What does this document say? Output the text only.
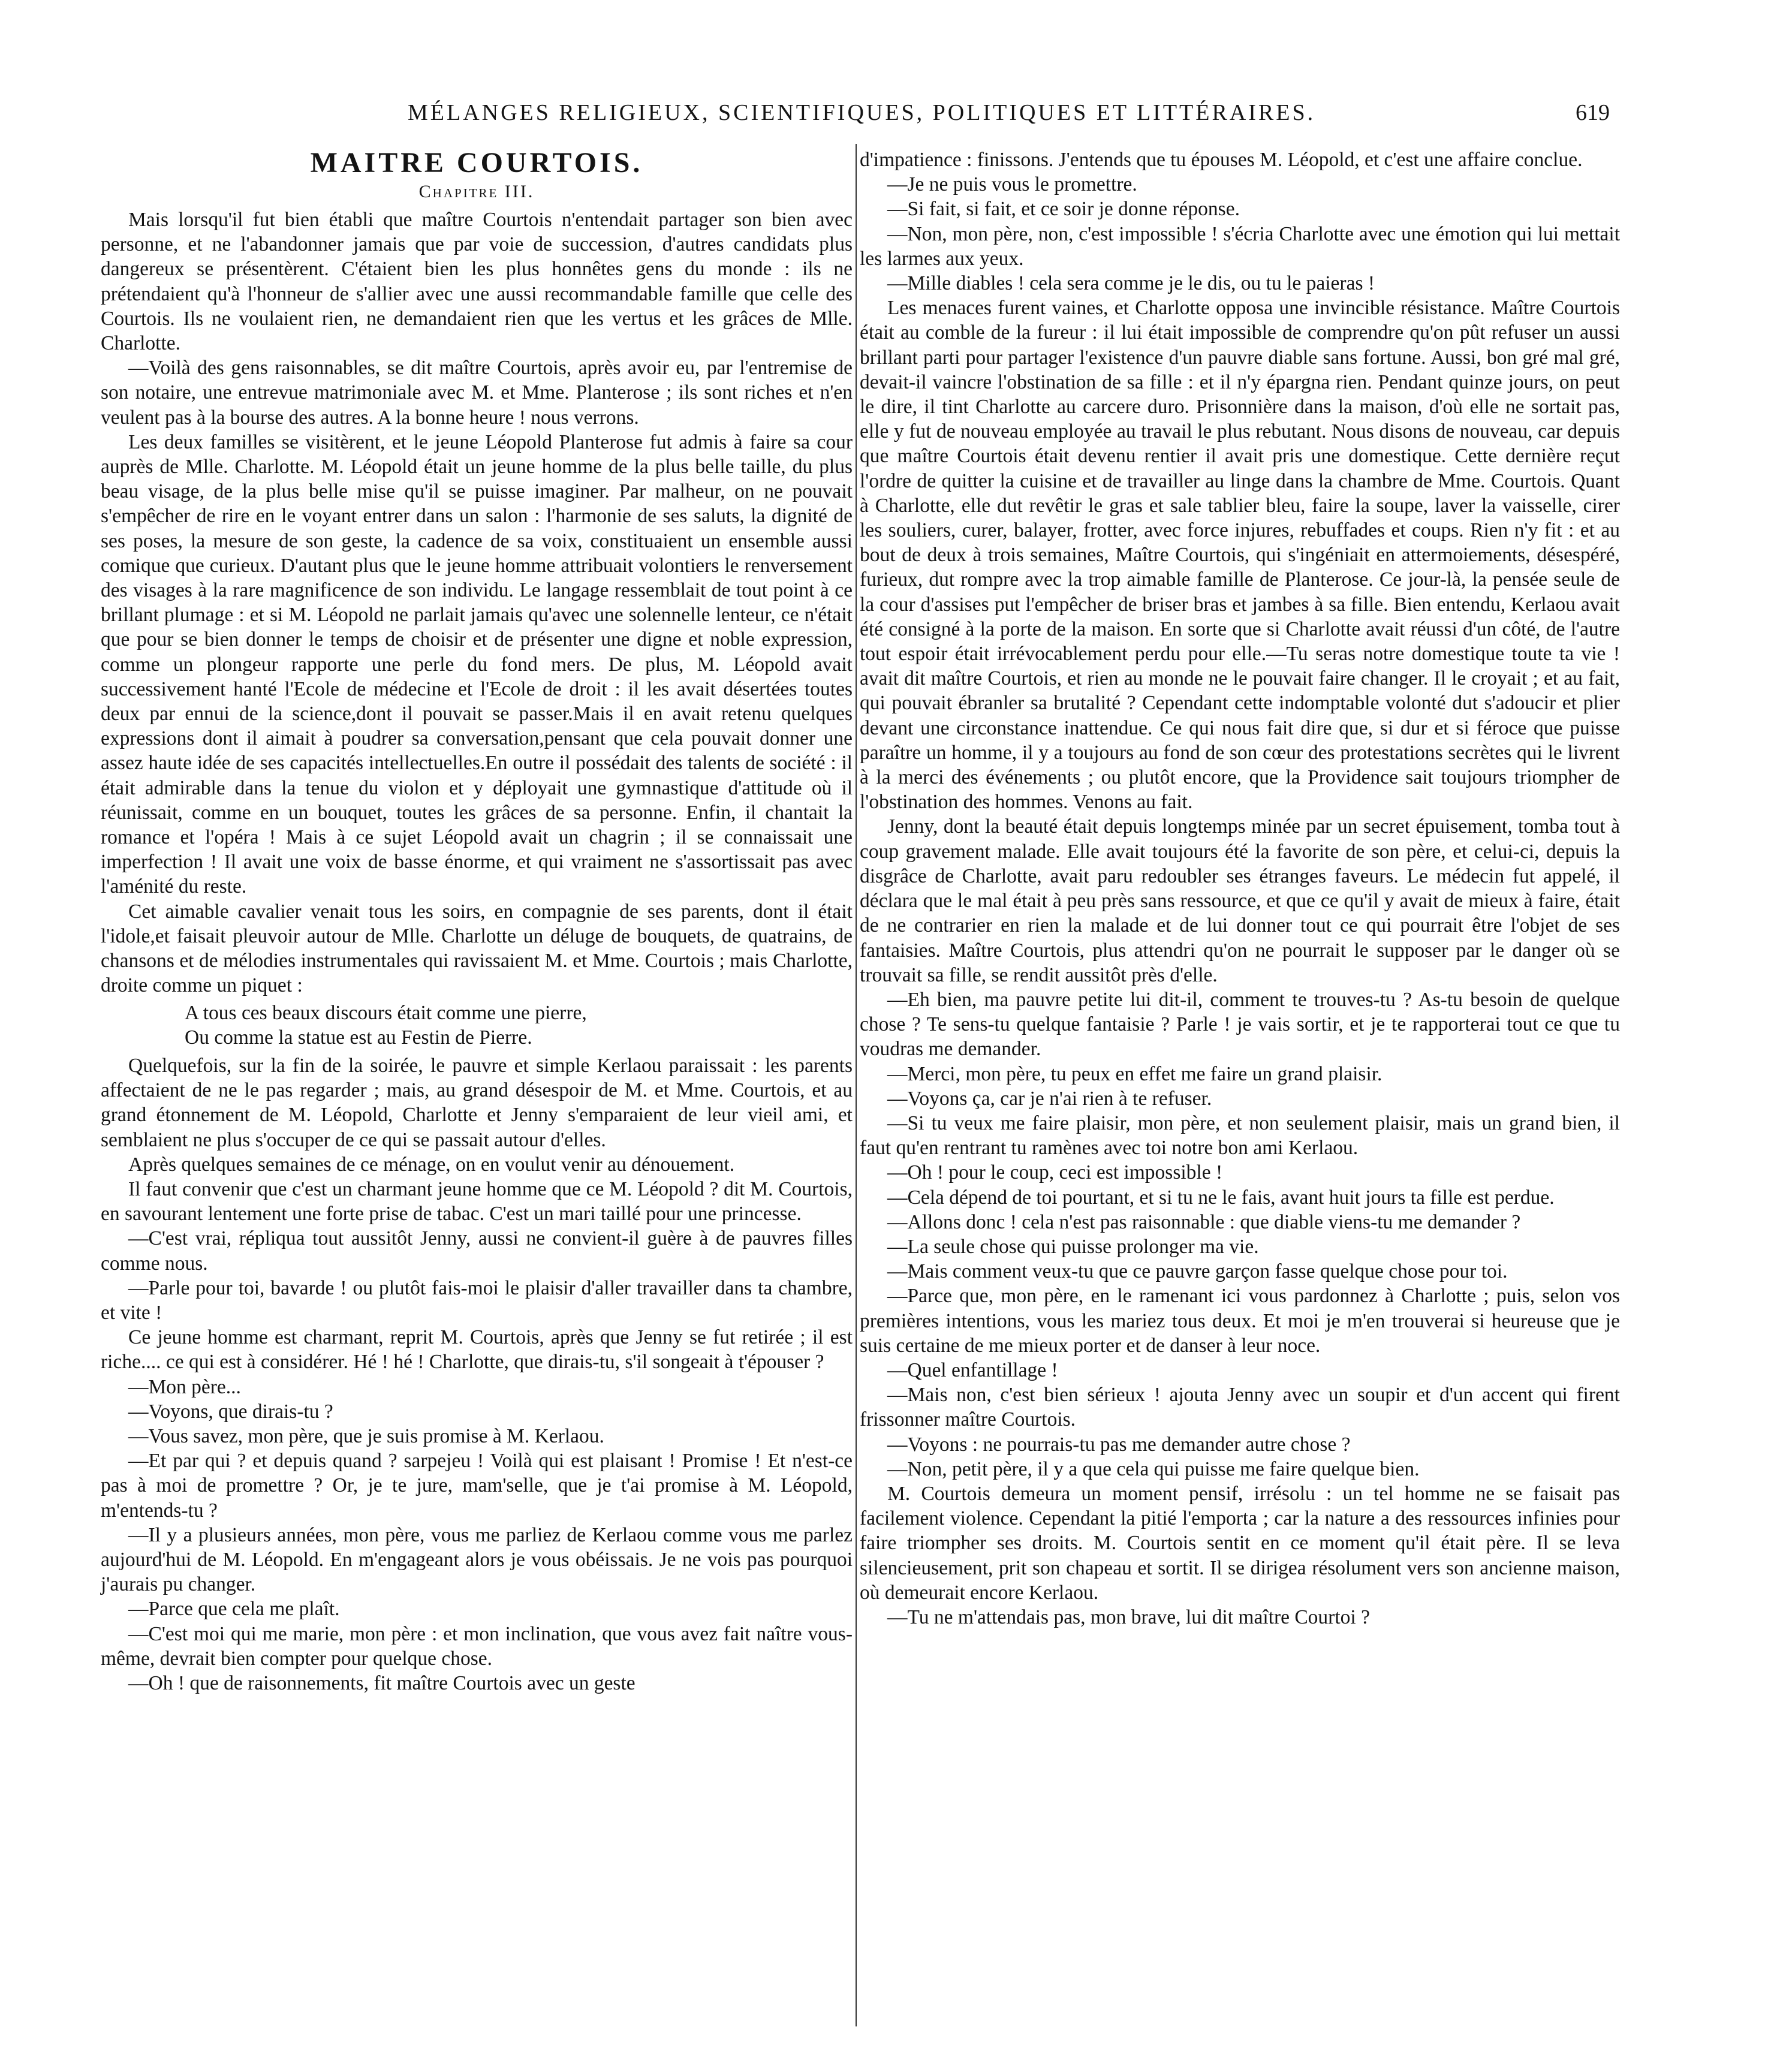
MÉLANGES RELIGIEUX, SCIENTIFIQUES, POLITIQUES ET LITTÉRAIRES.	619
MAITRE COURTOIS.
Chapitre III.

Mais lorsqu'il fut bien établi que maître Courtois n'entendait partager son bien avec personne, et ne l'abandonner jamais que par voie de succession, d'autres candidats plus dangereux se présentèrent. C'étaient bien les plus honnêtes gens du monde : ils ne prétendaient qu'à l'honneur de s'allier avec une aussi recommandable famille que celle des Courtois. Ils ne voulaient rien, ne demandaient rien que les vertus et les grâces de Mlle. Charlotte.

—Voilà des gens raisonnables, se dit maître Courtois, après avoir eu, par l'entremise de son notaire, une entrevue matrimoniale avec M. et Mme. Planterose ; ils sont riches et n'en veulent pas à la bourse des autres. A la bonne heure ! nous verrons.

Les deux familles se visitèrent, et le jeune Léopold Planterose fut admis à faire sa cour auprès de Mlle. Charlotte. M. Léopold était un jeune homme de la plus belle taille, du plus beau visage, de la plus belle mise qu'il se puisse imaginer. Par malheur, on ne pouvait s'empêcher de rire en le voyant entrer dans un salon : l'harmonie de ses saluts, la dignité de ses poses, la mesure de son geste, la cadence de sa voix, constituaient un ensemble aussi comique que curieux. D'autant plus que le jeune homme attribuait volontiers le renversement des visages à la rare magnificence de son individu. Le langage ressemblait de tout point à ce brillant plumage : et si M. Léopold ne parlait jamais qu'avec une solennelle lenteur, ce n'était que pour se bien donner le temps de choisir et de présenter une digne et noble expression, comme un plongeur rapporte une perle du fond mers. De plus, M. Léopold avait successivement hanté l'Ecole de médecine et l'Ecole de droit : il les avait désertées toutes deux par ennui de la science,dont il pouvait se passer.Mais il en avait retenu quelques expressions dont il aimait à poudrer sa conversation,pensant que cela pouvait donner une assez haute idée de ses capacités intellectuelles.En outre il possédait des talents de société : il était admirable dans la tenue du violon et y déployait une gymnastique d'attitude où il réunissait, comme en un bouquet, toutes les grâces de sa personne. Enfin, il chantait la romance et l'opéra ! Mais à ce sujet Léopold avait un chagrin ; il se connaissait une imperfection ! Il avait une voix de basse énorme, et qui vraiment ne s'assortissait pas avec l'aménité du reste.

Cet aimable cavalier venait tous les soirs, en compagnie de ses parents, dont il était l'idole,et faisait pleuvoir autour de Mlle. Charlotte un déluge de bouquets, de quatrains, de chansons et de mélodies instrumentales qui ravissaient M. et Mme. Courtois ; mais Charlotte, droite comme un piquet :

A tous ces beaux discours était comme une pierre,
Ou comme la statue est au Festin de Pierre.

Quelquefois, sur la fin de la soirée, le pauvre et simple Kerlaou paraissait : les parents affectaient de ne le pas regarder ; mais, au grand désespoir de M. et Mme. Courtois, et au grand étonnement de M. Léopold, Charlotte et Jenny s'emparaient de leur vieil ami, et semblaient ne plus s'occuper de ce qui se passait autour d'elles.

Après quelques semaines de ce ménage, on en voulut venir au dénouement.

Il faut convenir que c'est un charmant jeune homme que ce M. Léopold ? dit M. Courtois, en savourant lentement une forte prise de tabac. C'est un mari taillé pour une princesse.

—C'est vrai, répliqua tout aussitôt Jenny, aussi ne convient-il guère à de pauvres filles comme nous.

—Parle pour toi, bavarde ! ou plutôt fais-moi le plaisir d'aller travailler dans ta chambre, et vite !

Ce jeune homme est charmant, reprit M. Courtois, après que Jenny se fut retirée ; il est riche.... ce qui est à considérer. Hé ! hé ! Charlotte, que dirais-tu, s'il songeait à t'épouser ?

—Mon père...

—Voyons, que dirais-tu ?

—Vous savez, mon père, que je suis promise à M. Kerlaou.

—Et par qui ? et depuis quand ? sarpejeu ! Voilà qui est plaisant ! Promise ! Et n'est-ce pas à moi de promettre ? Or, je te jure, mam'selle, que je t'ai promise à M. Léopold, m'entends-tu ?

—Il y a plusieurs années, mon père, vous me parliez de Kerlaou comme vous me parlez aujourd'hui de M. Léopold. En m'engageant alors je vous obéissais. Je ne vois pas pourquoi j'aurais pu changer.

—Parce que cela me plaît.

—C'est moi qui me marie, mon père : et mon inclination, que vous avez fait naître vous-même, devrait bien compter pour quelque chose.

—Oh ! que de raisonnements, fit maître Courtois avec un geste

d'impatience : finissons. J'entends que tu épouses M. Léopold, et c'est une affaire conclue.

—Je ne puis vous le promettre.

—Si fait, si fait, et ce soir je donne réponse.

—Non, mon père, non, c'est impossible ! s'écria Charlotte avec une émotion qui lui mettait les larmes aux yeux.

—Mille diables ! cela sera comme je le dis, ou tu le paieras !

Les menaces furent vaines, et Charlotte opposa une invincible résistance. Maître Courtois était au comble de la fureur : il lui était impossible de comprendre qu'on pût refuser un aussi brillant parti pour partager l'existence d'un pauvre diable sans fortune. Aussi, bon gré mal gré, devait-il vaincre l'obstination de sa fille : et il n'y épargna rien. Pendant quinze jours, on peut le dire, il tint Charlotte au carcere duro. Prisonnière dans la maison, d'où elle ne sortait pas, elle y fut de nouveau employée au travail le plus rebutant. Nous disons de nouveau, car depuis que maître Courtois était devenu rentier il avait pris une domestique. Cette dernière reçut l'ordre de quitter la cuisine et de travailler au linge dans la chambre de Mme. Courtois. Quant à Charlotte, elle dut revêtir le gras et sale tablier bleu, faire la soupe, laver la vaisselle, cirer les souliers, curer, balayer, frotter, avec force injures, rebuffades et coups. Rien n'y fit : et au bout de deux à trois semaines, Maître Courtois, qui s'ingéniait en attermoiements, désespéré, furieux, dut rompre avec la trop aimable famille de Planterose. Ce jour-là, la pensée seule de la cour d'assises put l'empêcher de briser bras et jambes à sa fille. Bien entendu, Kerlaou avait été consigné à la porte de la maison. En sorte que si Charlotte avait réussi d'un côté, de l'autre tout espoir était irrévocablement perdu pour elle.—Tu seras notre domestique toute ta vie ! avait dit maître Courtois, et rien au monde ne le pouvait faire changer. Il le croyait ; et au fait, qui pouvait ébranler sa brutalité ? Cependant cette indomptable volonté dut s'adoucir et plier devant une circonstance inattendue. Ce qui nous fait dire que, si dur et si féroce que puisse paraître un homme, il y a toujours au fond de son cœur des protestations secrètes qui le livrent à la merci des événements ; ou plutôt encore, que la Providence sait toujours triompher de l'obstination des hommes. Venons au fait.

Jenny, dont la beauté était depuis longtemps minée par un secret épuisement, tomba tout à coup gravement malade. Elle avait toujours été la favorite de son père, et celui-ci, depuis la disgrâce de Charlotte, avait paru redoubler ses étranges faveurs. Le médecin fut appelé, il déclara que le mal était à peu près sans ressource, et que ce qu'il y avait de mieux à faire, était de ne contrarier en rien la malade et de lui donner tout ce qui pourrait être l'objet de ses fantaisies. Maître Courtois, plus attendri qu'on ne pourrait le supposer par le danger où se trouvait sa fille, se rendit aussitôt près d'elle.

—Eh bien, ma pauvre petite lui dit-il, comment te trouves-tu ? As-tu besoin de quelque chose ? Te sens-tu quelque fantaisie ? Parle ! je vais sortir, et je te rapporterai tout ce que tu voudras me demander.

—Merci, mon père, tu peux en effet me faire un grand plaisir.

—Voyons ça, car je n'ai rien à te refuser.

—Si tu veux me faire plaisir, mon père, et non seulement plaisir, mais un grand bien, il faut qu'en rentrant tu ramènes avec toi notre bon ami Kerlaou.

—Oh ! pour le coup, ceci est impossible !

—Cela dépend de toi pourtant, et si tu ne le fais, avant huit jours ta fille est perdue.

—Allons donc ! cela n'est pas raisonnable : que diable viens-tu me demander ?

—La seule chose qui puisse prolonger ma vie.

—Mais comment veux-tu que ce pauvre garçon fasse quelque chose pour toi.

—Parce que, mon père, en le ramenant ici vous pardonnez à Charlotte ; puis, selon vos premières intentions, vous les mariez tous deux. Et moi je m'en trouverai si heureuse que je suis certaine de me mieux porter et de danser à leur noce.

—Quel enfantillage !

—Mais non, c'est bien sérieux ! ajouta Jenny avec un soupir et d'un accent qui firent frissonner maître Courtois.

—Voyons : ne pourrais-tu pas me demander autre chose ?

—Non, petit père, il y a que cela qui puisse me faire quelque bien.

M. Courtois demeura un moment pensif, irrésolu : un tel homme ne se faisait pas facilement violence. Cependant la pitié l'emporta ; car la nature a des ressources infinies pour faire triompher ses droits. M. Courtois sentit en ce moment qu'il était père. Il se leva silencieusement, prit son chapeau et sortit. Il se dirigea résolument vers son ancienne maison, où demeurait encore Kerlaou.

—Tu ne m'attendais pas, mon brave, lui dit maître Courtoi ?
